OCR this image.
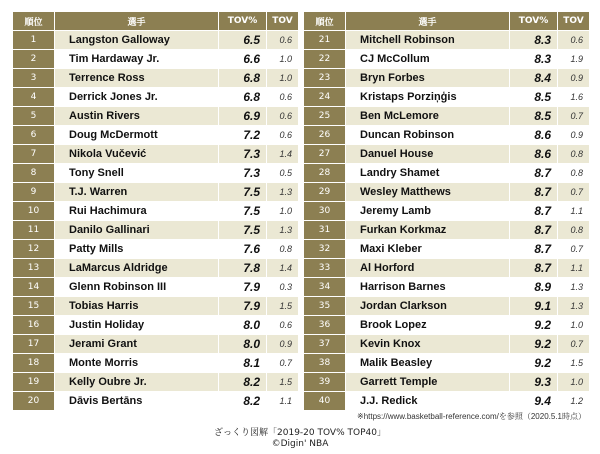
順位	選手	TOV%	TOV
1	Langston Galloway	6.5	0.6
2	Tim Hardaway Jr.	6.6	1.0
3	Terrence Ross	6.8	1.0
4	Derrick Jones Jr.	6.8	0.6
5	Austin Rivers	6.9	0.6
6	Doug McDermott	7.2	0.6
7	Nikola Vučević	7.3	1.4
8	Tony Snell	7.3	0.5
9	T.J. Warren	7.5	1.3
10	Rui Hachimura	7.5	1.0
11	Danilo Gallinari	7.5	1.3
12	Patty Mills	7.6	0.8
13	LaMarcus Aldridge	7.8	1.4
14	Glenn Robinson III	7.9	0.3
15	Tobias Harris	7.9	1.5
16	Justin Holiday	8.0	0.6
17	Jerami Grant	8.0	0.9
18	Monte Morris	8.1	0.7
19	Kelly Oubre Jr.	8.2	1.5
20	Dāvis Bertāns	8.2	1.1
順位	選手	TOV%	TOV
21	Mitchell Robinson	8.3	0.6
22	CJ McCollum	8.3	1.9
23	Bryn Forbes	8.4	0.9
24	Kristaps Porziņģis	8.5	1.6
25	Ben McLemore	8.5	0.7
26	Duncan Robinson	8.6	0.9
27	Danuel House	8.6	0.8
28	Landry Shamet	8.7	0.8
29	Wesley Matthews	8.7	0.7
30	Jeremy Lamb	8.7	1.1
31	Furkan Korkmaz	8.7	0.8
32	Maxi Kleber	8.7	0.7
33	Al Horford	8.7	1.1
34	Harrison Barnes	8.9	1.3
35	Jordan Clarkson	9.1	1.3
36	Brook Lopez	9.2	1.0
37	Kevin Knox	9.2	0.7
38	Malik Beasley	9.2	1.5
39	Garrett Temple	9.3	1.0
40	J.J. Redick	9.4	1.2
※https://www.basketball-reference.com/を参照（2020.5.1時点）
ざっくり図解「2019-20 TOV% TOP40」
©Digin' NBA
